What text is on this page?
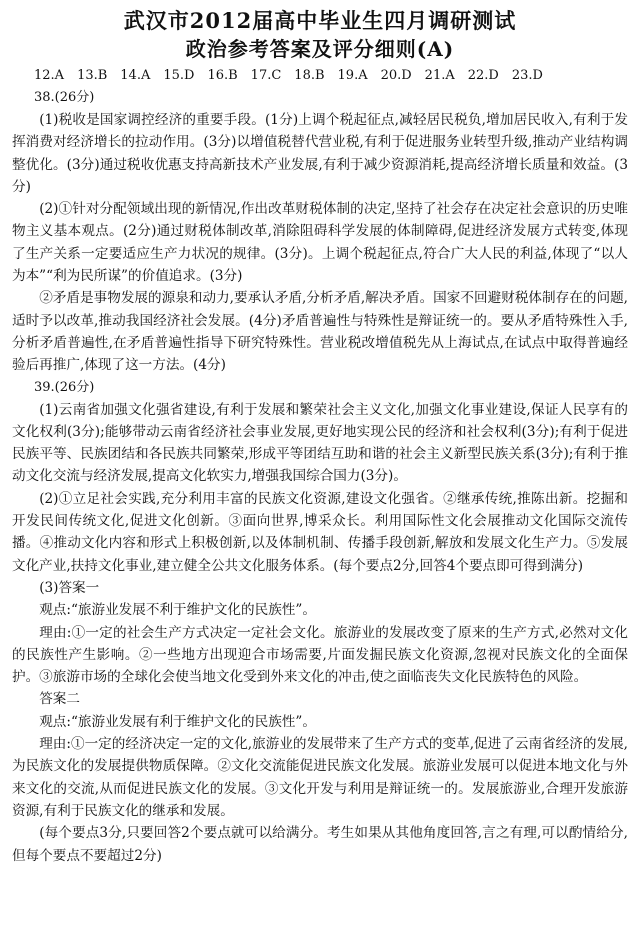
武汉市2012届高中毕业生四月调研测试
政治参考答案及评分细则(A)
12.A　13.B　14.A　15.D　16.B　17.C　18.B　19.A　20.D　21.A　22.D　23.D
38.(26分)

(1)税收是国家调控经济的重要手段。(1分)上调个税起征点,减轻居民税负,增加居民收入,有利于发挥消费对经济增长的拉动作用。(3分)以增值税替代营业税,有利于促进服务业转型升级,推动产业结构调整优化。(3分)通过税收优惠支持高新技术产业发展,有利于减少资源消耗,提高经济增长质量和效益。(3分)

(2)①针对分配领域出现的新情况,作出改革财税体制的决定,坚持了社会存在决定社会意识的历史唯物主义基本观点。(2分)通过财税体制改革,消除阻碍科学发展的体制障碍,促进经济发展方式转变,体现了生产关系一定要适应生产力状况的规律。(3分)。上调个税起征点,符合广大人民的利益,体现了“以人为本”“利为民所谋”的价值追求。(3分)

②矛盾是事物发展的源泉和动力,要承认矛盾,分析矛盾,解决矛盾。国家不回避财税体制存在的问题,适时予以改革,推动我国经济社会发展。(4分)矛盾普遍性与特殊性是辩证统一的。要从矛盾特殊性入手,分析矛盾普遍性,在矛盾普遍性指导下研究特殊性。营业税改增值税先从上海试点,在试点中取得普遍经验后再推广,体现了这一方法。(4分)

39.(26分)

(1)云南省加强文化强省建设,有利于发展和繁荣社会主义文化,加强文化事业建设,保证人民享有的文化权利(3分);能够带动云南省经济社会事业发展,更好地实现公民的经济和社会权利(3分);有利于促进民族平等、民族团结和各民族共同繁荣,形成平等团结互助和谐的社会主义新型民族关系(3分);有利于推动文化交流与经济发展,提高文化软实力,增强我国综合国力(3分)。

(2)①立足社会实践,充分利用丰富的民族文化资源,建设文化强省。②继承传统,推陈出新。挖掘和开发民间传统文化,促进文化创新。③面向世界,博采众长。利用国际性文化会展推动文化国际交流传播。④推动文化内容和形式上积极创新,以及体制机制、传播手段创新,解放和发展文化生产力。⑤发展文化产业,扶持文化事业,建立健全公共文化服务体系。(每个要点2分,回答4个要点即可得到满分)

(3)答案一

观点:“旅游业发展不利于维护文化的民族性”。

理由:①一定的社会生产方式决定一定社会文化。旅游业的发展改变了原来的生产方式,必然对文化的民族性产生影响。②一些地方出现迎合市场需要,片面发掘民族文化资源,忽视对民族文化的全面保护。③旅游市场的全球化会使当地文化受到外来文化的冲击,使之面临丧失文化民族特色的风险。

答案二

观点:“旅游业发展有利于维护文化的民族性”。

理由:①一定的经济决定一定的文化,旅游业的发展带来了生产方式的变革,促进了云南省经济的发展,为民族文化的发展提供物质保障。②文化交流能促进民族文化发展。旅游业发展可以促进本地文化与外来文化的交流,从而促进民族文化的发展。③文化开发与利用是辩证统一的。发展旅游业,合理开发旅游资源,有利于民族文化的继承和发展。

(每个要点3分,只要回答2个要点就可以给满分。考生如果从其他角度回答,言之有理,可以酌情给分,但每个要点不要超过2分)
